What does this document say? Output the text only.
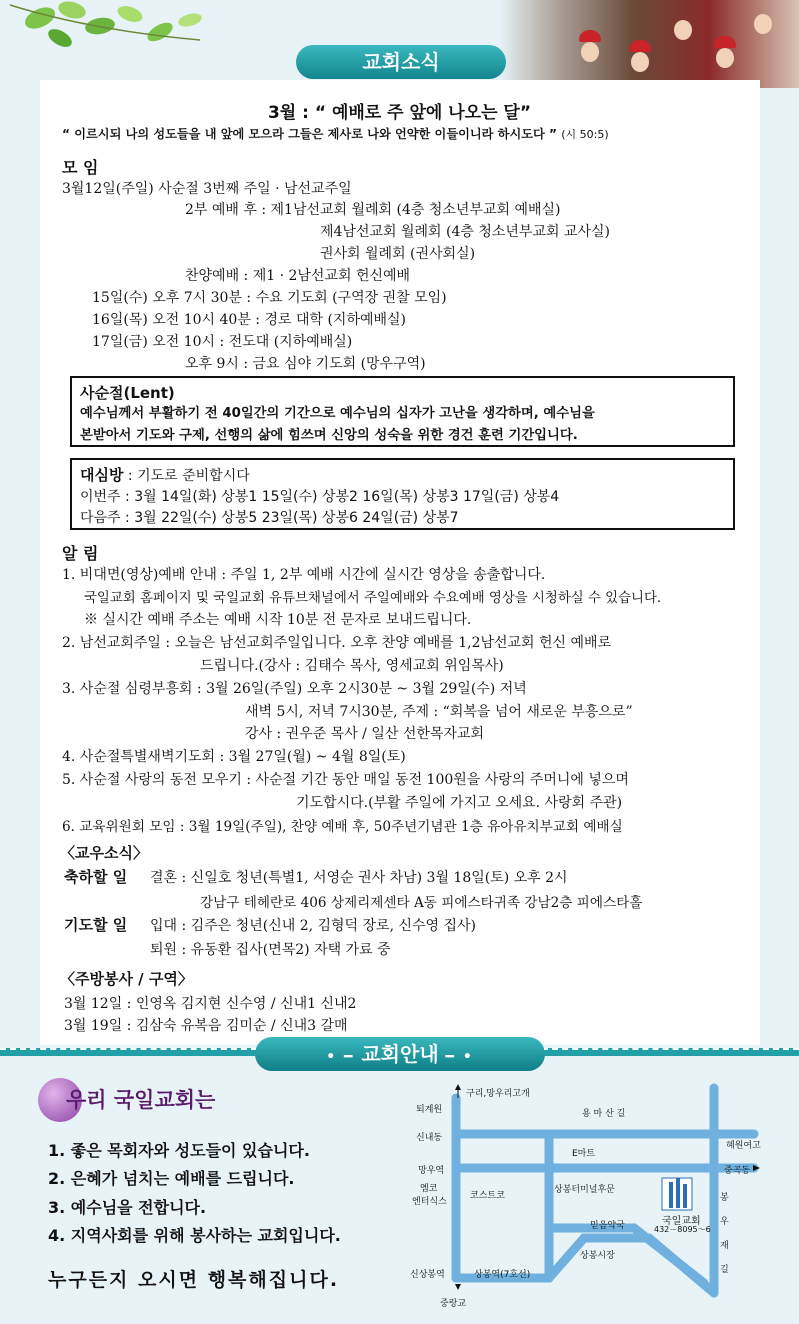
교회소식
3월 : “ 예배로 주 앞에 나오는 달”
“ 이르시되 나의 성도들을 내 앞에 모으라 그들은 제사로 나와 언약한 이들이니라 하시도다 ” (시 50:5)
모 임
3월12일(주일) 사순절 3번째 주일 · 남선교주일
2부 예배 후 : 제1남선교회 월례회 (4층 청소년부교회 예배실)
제4남선교회 월례회 (4층 청소년부교회 교사실)
권사회 월례회 (권사회실)
찬양예배 : 제1 · 2남선교회 헌신예배
15일(수) 오후 7시 30분 : 수요 기도회 (구역장 권찰 모임)
16일(목) 오전 10시 40분 : 경로 대학 (지하예배실)
17일(금) 오전 10시 : 전도대 (지하예배실)
오후 9시 : 금요 심야 기도회 (망우구역)
사순절(Lent)
예수님께서 부활하기 전 40일간의 기간으로 예수님의 십자가 고난을 생각하며, 예수님을
본받아서 기도와 구제, 선행의 삶에 힘쓰며 신앙의 성숙을 위한 경건 훈련 기간입니다.
대심방 : 기도로 준비합시다
이번주 : 3월 14일(화) 상봉1 15일(수) 상봉2 16일(목) 상봉3 17일(금) 상봉4
다음주 : 3월 22일(수) 상봉5 23일(목) 상봉6 24일(금) 상봉7
알 림
1. 비대면(영상)예배 안내 : 주일 1, 2부 예배 시간에 실시간 영상을 송출합니다.
국일교회 홈페이지 및 국일교회 유튜브채널에서 주일예배와 수요예배 영상을 시청하실 수 있습니다.
※ 실시간 예배 주소는 예배 시작 10분 전 문자로 보내드립니다.
2. 남선교회주일 : 오늘은 남선교회주일입니다. 오후 찬양 예배를 1,2남선교회 헌신 예배로
드립니다.(강사 : 김태수 목사, 영세교회 위임목사)
3. 사순절 심령부흥회 : 3월 26일(주일) 오후 2시30분 ~ 3월 29일(수) 저녁
새벽 5시, 저녁 7시30분, 주제 : “회복을 넘어 새로운 부흥으로”
강사 : 권우준 목사 / 일산 선한목자교회
4. 사순절특별새벽기도회 : 3월 27일(월) ~ 4월 8일(토)
5. 사순절 사랑의 동전 모우기 : 사순절 기간 동안 매일 동전 100원을 사랑의 주머니에 넣으며
기도합시다.(부활 주일에 가지고 오세요. 사랑회 주관)
6. 교육위원회 모임 : 3월 19일(주일), 찬양 예배 후, 50주년기념관 1층 유아유치부교회 예배실
〈교우소식〉
축하할 일 결혼 : 신일호 청년(특별1, 서영순 권사 차남) 3월 18일(토) 오후 2시
강남구 테헤란로 406 상제리제센타 A동 피에스타귀족 강남2층 피에스타홀
기도할 일 입대 : 김주은 청년(신내 2, 김형덕 장로, 신수영 집사)
퇴원 : 유동환 집사(면목2) 자택 가료 중
〈주방봉사 / 구역〉
3월 12일 : 인영옥 김지현 신수영 / 신내1 신내2
3월 19일 : 김삼숙 유복음 김미순 / 신내3 갈매
• ━ 교회안내 ━ •
우리 국일교회는
1. 좋은 목회자와 성도들이 있습니다.
2. 은혜가 넘치는 예배를 드립니다.
3. 예수님을 전합니다.
4. 지역사회를 위해 봉사하는 교회입니다.
누구든지 오시면 행복해집니다.
구리,망우리고개
퇴계원	용 마 산 길
신내동
E마트
혜원여고
망우역	중곡동
옘코
엔터식스
코스트코
상봉터미널후문
국일교회
432－8095～6
믿음약국
봉
우
재
길
상봉시장
신상봉역	상봉역(7호선)
중랑교
